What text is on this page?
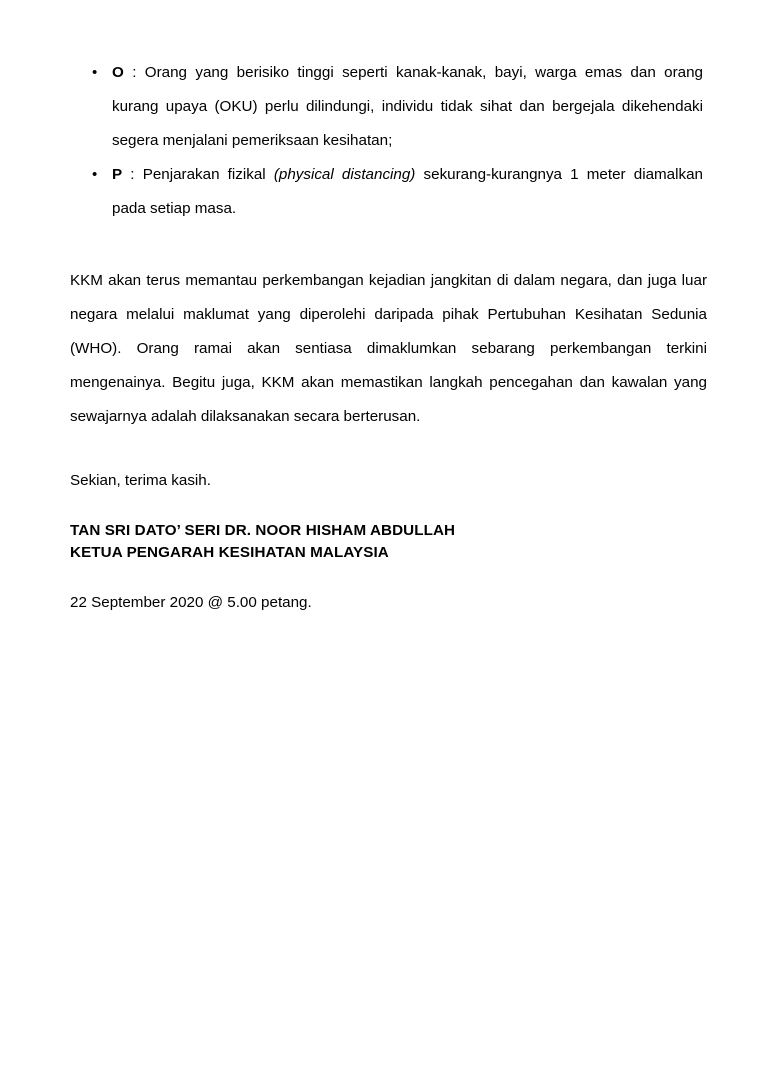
• O : Orang yang berisiko tinggi seperti kanak-kanak, bayi, warga emas dan orang kurang upaya (OKU) perlu dilindungi, individu tidak sihat dan bergejala dikehendaki segera menjalani pemeriksaan kesihatan;
• P : Penjarakan fizikal (physical distancing) sekurang-kurangnya 1 meter diamalkan pada setiap masa.

KKM akan terus memantau perkembangan kejadian jangkitan di dalam negara, dan juga luar negara melalui maklumat yang diperolehi daripada pihak Pertubuhan Kesihatan Sedunia (WHO). Orang ramai akan sentiasa dimaklumkan sebarang perkembangan terkini mengenainya. Begitu juga, KKM akan memastikan langkah pencegahan dan kawalan yang sewajarnya adalah dilaksanakan secara berterusan.

Sekian, terima kasih.

TAN SRI DATO’ SERI DR. NOOR HISHAM ABDULLAH

KETUA PENGARAH KESIHATAN MALAYSIA

22 September 2020 @ 5.00 petang.
